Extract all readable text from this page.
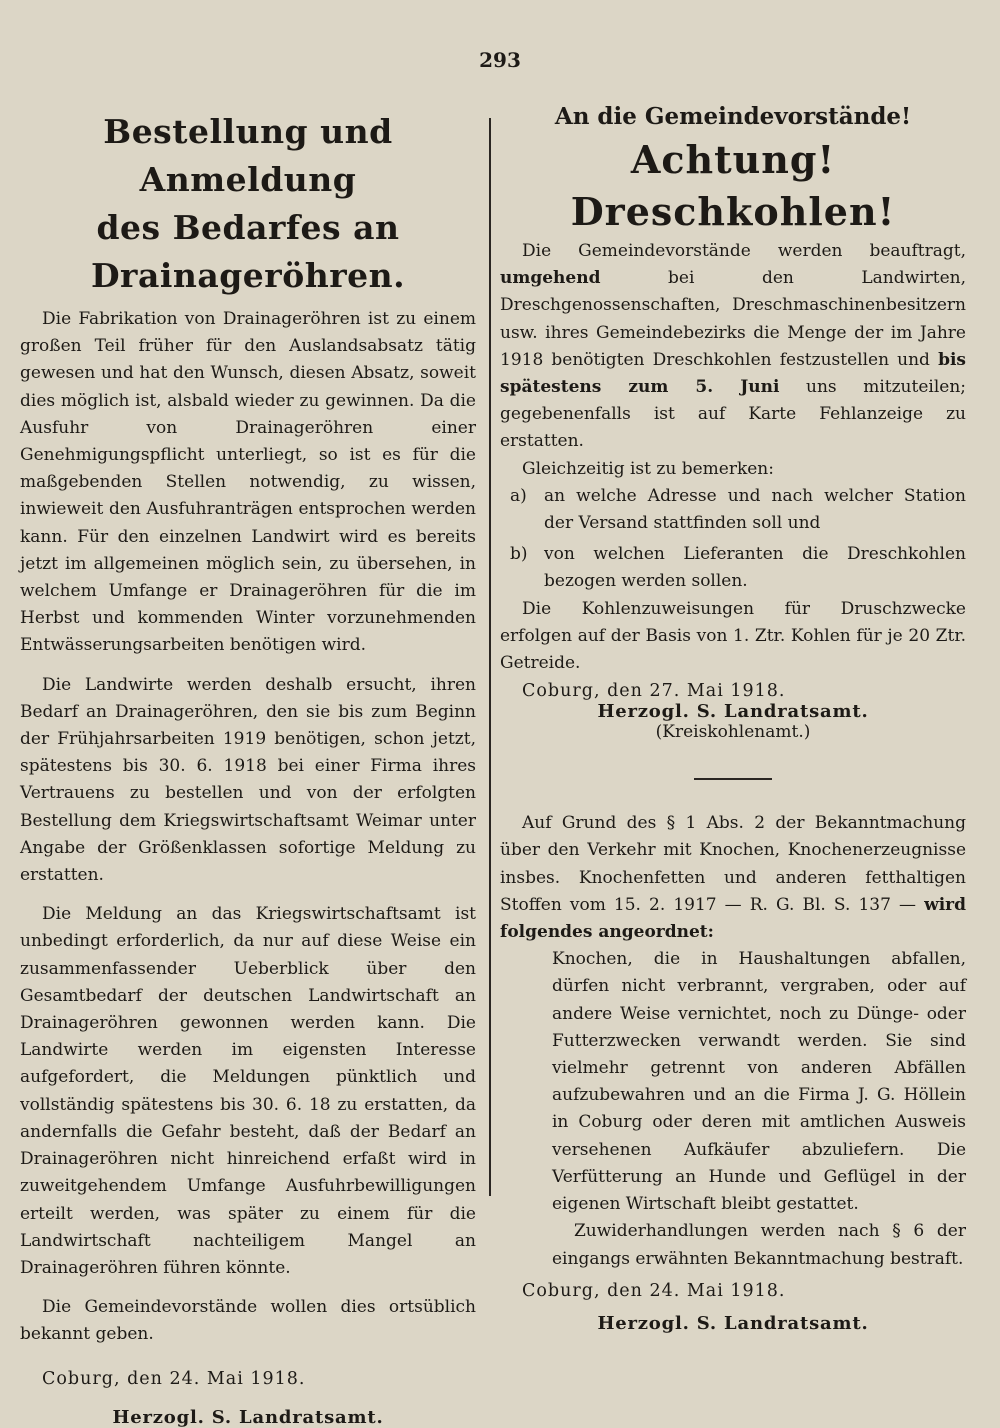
293
Bestellung und Anmeldung
des Bedarfes an Drainageröhren.

Die Fabrikation von Drainageröhren ist zu einem großen Teil früher für den Auslandsabsatz tätig gewesen und hat den Wunsch, diesen Absatz, soweit dies möglich ist, alsbald wieder zu gewinnen. Da die Ausfuhr von Drainageröhren einer Genehmigungspflicht unterliegt, so ist es für die maßgebenden Stellen notwendig, zu wissen, inwieweit den Ausfuhranträgen entsprochen werden kann. Für den einzelnen Landwirt wird es bereits jetzt im allgemeinen möglich sein, zu übersehen, in welchem Umfange er Drainageröhren für die im Herbst und kommenden Winter vorzunehmenden Entwässerungsarbeiten benötigen wird.

Die Landwirte werden deshalb ersucht, ihren Bedarf an Drainageröhren, den sie bis zum Beginn der Frühjahrsarbeiten 1919 benötigen, schon jetzt, spätestens bis 30. 6. 1918 bei einer Firma ihres Vertrauens zu bestellen und von der erfolgten Bestellung dem Kriegswirtschaftsamt Weimar unter Angabe der Größenklassen sofortige Meldung zu erstatten.

Die Meldung an das Kriegswirtschaftsamt ist unbedingt erforderlich, da nur auf diese Weise ein zusammenfassender Ueberblick über den Gesamtbedarf der deutschen Landwirtschaft an Drainageröhren gewonnen werden kann. Die Landwirte werden im eigensten Interesse aufgefordert, die Meldungen pünktlich und vollständig spätestens bis 30. 6. 18 zu erstatten, da andernfalls die Gefahr besteht, daß der Bedarf an Drainageröhren nicht hinreichend erfaßt wird in zuweitgehendem Umfange Ausfuhrbewilligungen erteilt werden, was später zu einem für die Landwirtschaft nachteiligem Mangel an Drainageröhren führen könnte.

Die Gemeindevorstände wollen dies ortsüblich bekannt geben.

Coburg, den 24. Mai 1918.
Herzogl. S. Landratsamt.
An die Gemeindevorstände!
Achtung! Dreschkohlen!

Die Gemeindevorstände werden beauftragt, umgehend	bei den Landwirten, Dreschgenossenschaften, Dreschmaschinenbesitzern usw. ihres Gemeindebezirks die Menge der im Jahre 1918 benötigten Dreschkohlen festzustellen und bis spätestens zum 5. Juni uns mitzuteilen; gegebenenfalls ist auf Karte Fehlanzeige zu erstatten.

Gleichzeitig ist zu bemerken:

a)	an welche Adresse und nach welcher Station der Versand stattfinden soll und
b) von welchen Lieferanten die Dreschkohlen bezogen werden sollen.

Die Kohlenzuweisungen für Druschzwecke erfolgen auf der Basis von 1. Ztr. Kohlen für je 20 Ztr. Getreide.

Coburg, den 27. Mai 1918.
Herzogl. S. Landratsamt.
(Kreiskohlenamt.)

Auf Grund des § 1 Abs. 2 der Bekanntmachung über den Verkehr mit Knochen, Knochenerzeugnisse insbes. Knochenfetten und anderen fetthaltigen Stoffen vom 15. 2. 1917 — R. G. Bl. S. 137 — wird folgendes angeordnet:

Knochen, die in Haushaltungen abfallen, dürfen nicht verbrannt, vergraben, oder auf andere Weise vernichtet, noch zu Dünge- oder Futterzwecken verwandt werden. Sie sind vielmehr getrennt von anderen Abfällen aufzubewahren und an die Firma J. G. Höllein in Coburg oder deren mit amtlichen Ausweis versehenen Aufkäufer abzuliefern. Die Verfütterung an Hunde und Geflügel in der eigenen Wirtschaft bleibt gestattet.

Zuwiderhandlungen werden nach § 6 der eingangs erwähnten Bekanntmachung bestraft.

Coburg, den 24. Mai 1918.
Herzogl. S. Landratsamt.
